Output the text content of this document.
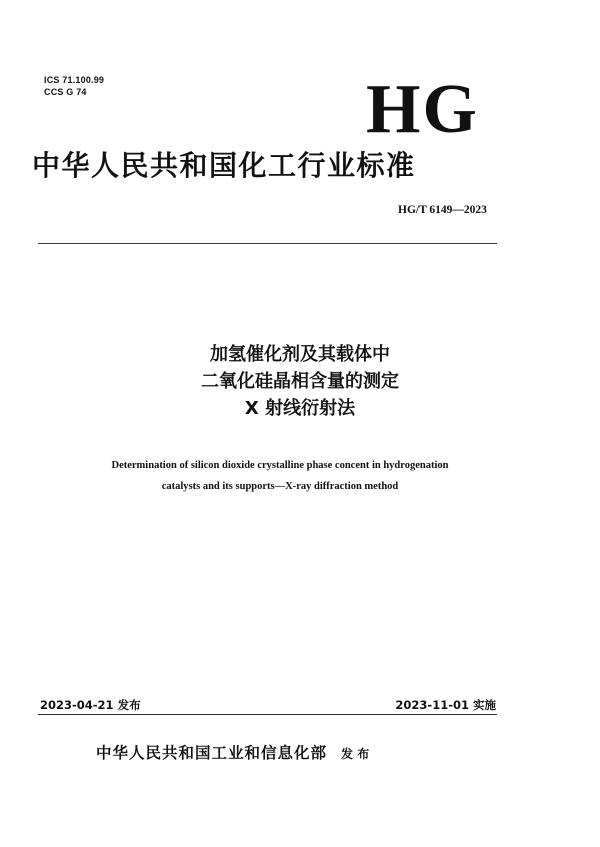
ICS 71.100.99
CCS G 74	HG
中华人民共和国化工行业标准
HG/T 6149—2023
加氢催化剂及其载体中
二氧化硅晶相含量的测定
X 射线衍射法
Determination of silicon dioxide crystalline phase concent in hydrogenation
catalysts and its supports—X-ray diffraction method
2023-04-21 发布	2023-11-01 实施
中华人民共和国工业和信息化部 发 布
